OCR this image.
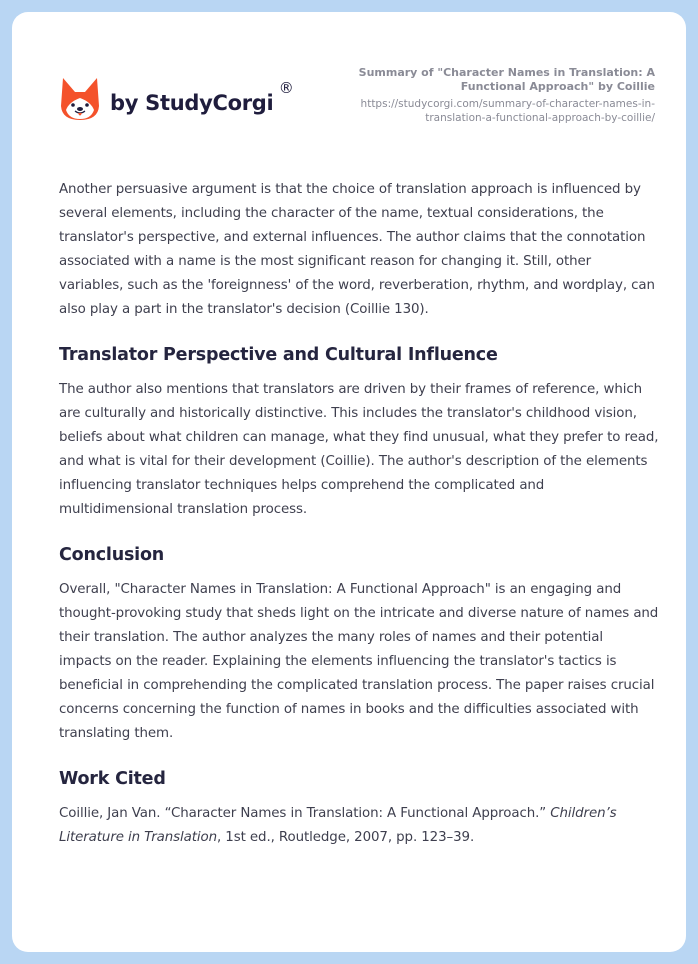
by StudyCorgi
®
Summary of "Character Names in Translation: A Functional Approach" by Coillie
https://studycorgi.com/summary-of-character-names-in-translation-a-functional-approach-by-coillie/

Another persuasive argument is that the choice of translation approach is influenced by several elements, including the character of the name, textual considerations, the translator's perspective, and external influences. The author claims that the connotation associated with a name is the most significant reason for changing it. Still, other variables, such as the 'foreignness' of the word, reverberation, rhythm, and wordplay, can also play a part in the translator's decision (Coillie 130).

Translator Perspective and Cultural Influence

The author also mentions that translators are driven by their frames of reference, which are culturally and historically distinctive. This includes the translator's childhood vision, beliefs about what children can manage, what they find unusual, what they prefer to read, and what is vital for their development (Coillie). The author's description of the elements influencing translator techniques helps comprehend the complicated and multidimensional translation process.

Conclusion

Overall, "Character Names in Translation: A Functional Approach" is an engaging and thought-provoking study that sheds light on the intricate and diverse nature of names and their translation. The author analyzes the many roles of names and their potential impacts on the reader. Explaining the elements influencing the translator's tactics is beneficial in comprehending the complicated translation process. The paper raises crucial concerns concerning the function of names in books and the difficulties associated with translating them.

Work Cited

Coillie, Jan Van. “Character Names in Translation: A Functional Approach.” Children’s Literature in Translation, 1st ed., Routledge, 2007, pp. 123–39.
